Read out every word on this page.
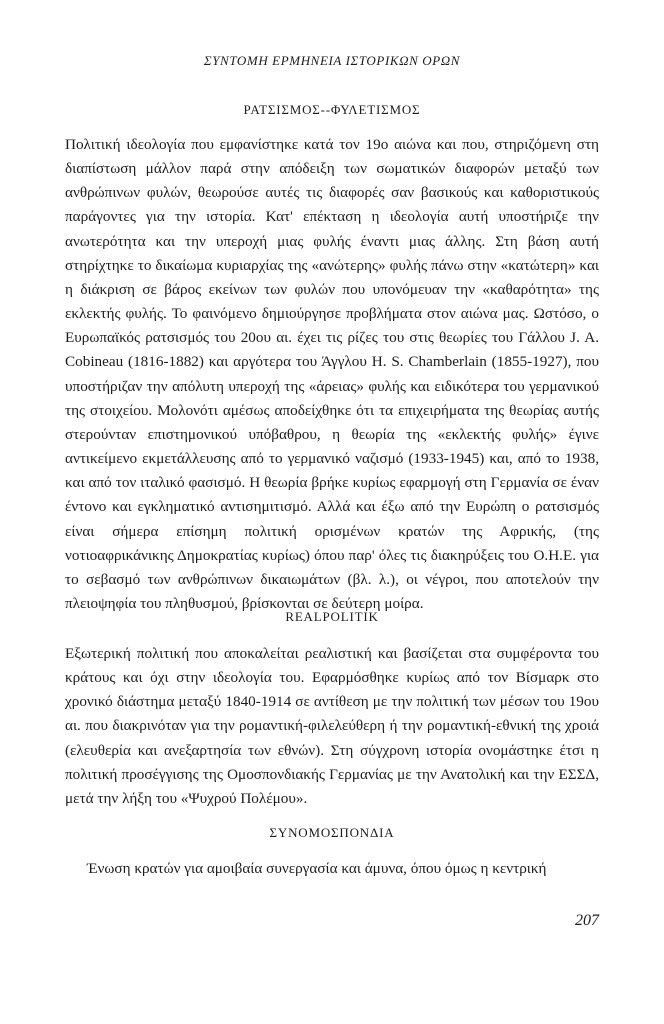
ΣΥΝΤΟΜΗ ΕΡΜΗΝΕΙΑ ΙΣΤΟΡΙΚΩΝ ΟΡΩΝ
ΡΑΤΣΙΣΜΟΣ--ΦΥΛΕΤΙΣΜΟΣ

Πολιτική ιδεολογία που εμφανίστηκε κατά τον 19ο αιώνα και που, στηριζόμενη στη διαπίστωση μάλλον παρά στην απόδειξη των σωματικών διαφορών μεταξύ των ανθρώπινων φυλών, θεωρούσε αυτές τις διαφορές σαν βασικούς και καθοριστικούς παράγοντες για την ιστορία. Κατ' επέκταση η ιδεολογία αυτή υποστήριζε την ανωτερότητα και την υπεροχή μιας φυλής έναντι μιας άλλης. Στη βάση αυτή στηρίχτηκε το δικαίωμα κυριαρχίας της «ανώτερης» φυλής πάνω στην «κατώτερη» και η διάκριση σε βάρος εκείνων των φυλών που υπονόμευαν την «καθαρότητα» της εκλεκτής φυλής. Το φαινόμενο δημιούργησε προβλήματα στον αιώνα μας. Ωστόσο, ο Ευρωπαϊκός ρατσισμός του 20ου αι. έχει τις ρίζες του στις θεωρίες του Γάλλου J. A. Cobineau (1816-1882) και αργότερα του Άγγλου H. S. Chamberlain (1855-1927), που υποστήριζαν την απόλυτη υπεροχή της «άρειας» φυλής και ειδικότερα του γερμανικού της στοιχείου. Μολονότι αμέσως αποδείχθηκε ότι τα επιχειρήματα της θεωρίας αυτής στερούνταν επιστημονικού υπόβαθρου, η θεωρία της «εκλεκτής φυλής» έγινε αντικείμενο εκμετάλλευσης από το γερμανικό ναζισμό (1933-1945) και, από το 1938, και από τον ιταλικό φασισμό. Η θεωρία βρήκε κυρίως εφαρμογή στη Γερμανία σε έναν έντονο και εγκληματικό αντισημιτισμό. Αλλά και έξω από την Ευρώπη ο ρατσισμός είναι σήμερα επίσημη πολιτική ορισμένων κρατών της Αφρικής, (της νοτιοαφρικάνικης Δημοκρατίας κυρίως) όπου παρ' όλες τις διακηρύξεις του Ο.Η.Ε. για το σεβασμό των ανθρώπινων δικαιωμάτων (βλ. λ.), οι νέγροι, που αποτελούν την πλειοψηφία του πληθυσμού, βρίσκονται σε δεύτερη μοίρα.

REALPOLITIK

Εξωτερική πολιτική που αποκαλείται ρεαλιστική και βασίζεται στα συμφέροντα του κράτους και όχι στην ιδεολογία του. Εφαρμόσθηκε κυρίως από τον Βίσμαρκ στο χρονικό διάστημα μεταξύ 1840-1914 σε αντίθεση με την πολιτική των μέσων του 19ου αι. που διακρινόταν για την ρομαντική-φιλελεύθερη ή την ρομαντική-εθνική της χροιά (ελευθερία και ανεξαρτησία των εθνών). Στη σύγχρονη ιστορία ονομάστηκε έτσι η πολιτική προσέγγισης της Ομοσπονδιακής Γερμανίας με την Ανατολική και την ΕΣΣΔ, μετά την λήξη του «Ψυχρού Πολέμου».

ΣΥΝΟΜΟΣΠΟΝΔΙΑ

Ένωση κρατών για αμοιβαία συνεργασία και άμυνα, όπου όμως η κεντρική

207
